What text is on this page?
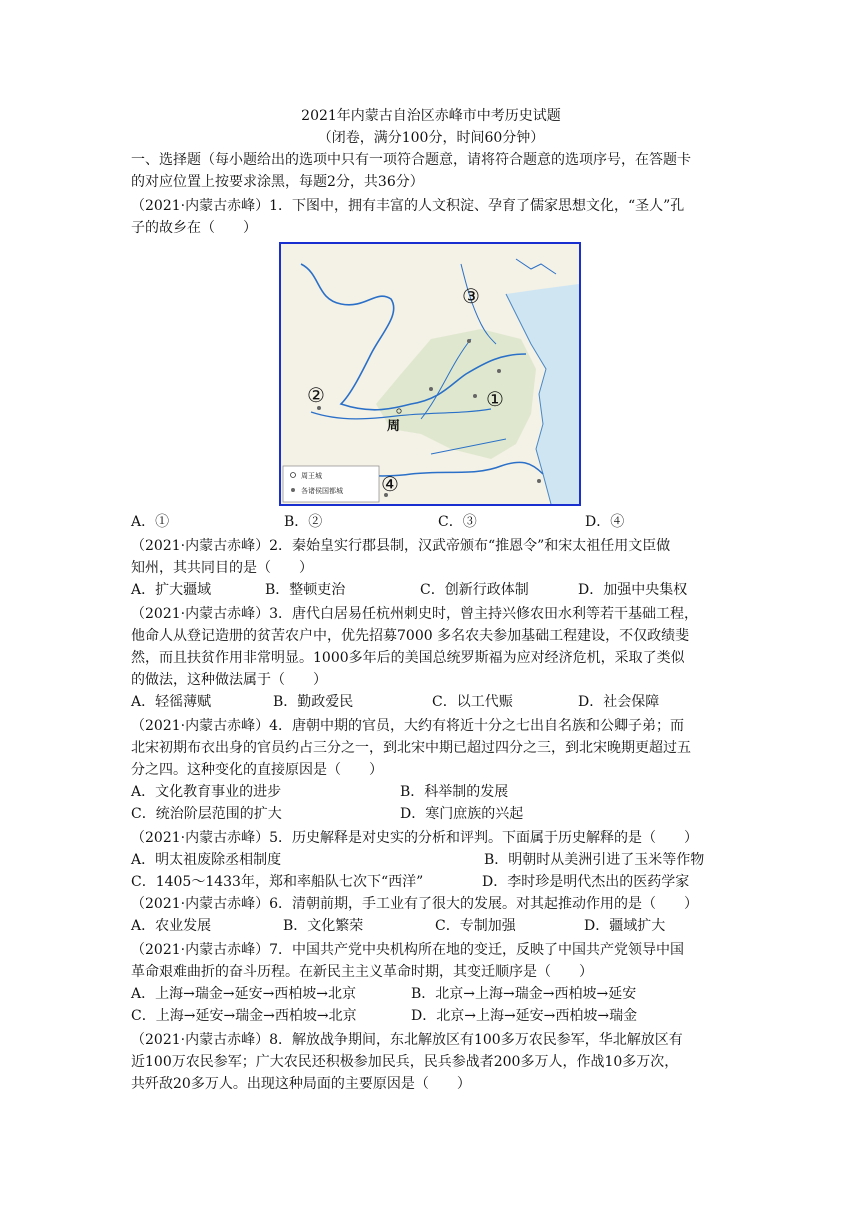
2021年内蒙古自治区赤峰市中考历史试题
（闭卷，满分100分，时间60分钟）
一、选择题（每小题给出的选项中只有一项符合题意，请将符合题意的选项序号，在答题卡
的对应位置上按要求涂黑，每题2分，共36分）
（2021·内蒙古赤峰）1．下图中，拥有丰富的人文积淀、孕育了儒家思想文化，“圣人”孔
子的故乡在（　　）
①
②
③
④
周
周王城
各诸侯国都城
A．①	B．②	C．③	D．④
（2021·内蒙古赤峰）2．秦始皇实行郡县制，汉武帝颁布“推恩令”和宋太祖任用文臣做
知州，其共同目的是（　　）
A．扩大疆域	B．整顿吏治	C．创新行政体制	D．加强中央集权
（2021·内蒙古赤峰）3．唐代白居易任杭州刺史时，曾主持兴修农田水利等若干基础工程，
他命人从登记造册的贫苦农户中，优先招募7000 多名农夫参加基础工程建设，不仅政绩斐
然，而且扶贫作用非常明显。1000多年后的美国总统罗斯福为应对经济危机，采取了类似
的做法，这种做法属于（　　）
A．轻徭薄赋	B．勤政爱民	C．以工代赈	D．社会保障
（2021·内蒙古赤峰）4．唐朝中期的官员，大约有将近十分之七出自名族和公卿子弟；而
北宋初期布衣出身的官员约占三分之一，到北宋中期已超过四分之三，到北宋晚期更超过五
分之四。这种变化的直接原因是（　　）
A．文化教育事业的进步	B．科举制的发展
C．统治阶层范围的扩大	D．寒门庶族的兴起
（2021·内蒙古赤峰）5．历史解释是对史实的分析和评判。下面属于历史解释的是（　　）
A．明太祖废除丞相制度	B．明朝时从美洲引进了玉米等作物
C．1405～1433年，郑和率船队七次下“西洋”	D．李时珍是明代杰出的医药学家
（2021·内蒙古赤峰）6．清朝前期，手工业有了很大的发展。对其起推动作用的是（　　）
A．农业发展	B．文化繁荣	C．专制加强	D．疆域扩大
（2021·内蒙古赤峰）7．中国共产党中央机构所在地的变迁，反映了中国共产党领导中国
革命艰难曲折的奋斗历程。在新民主主义革命时期，其变迁顺序是（　　）
A．上海→瑞金→延安→西柏坡→北京	B．北京→上海→瑞金→西柏坡→延安
C．上海→延安→瑞金→西柏坡→北京	D．北京→上海→延安→西柏坡→瑞金
（2021·内蒙古赤峰）8．解放战争期间，东北解放区有100多万农民参军，华北解放区有
近100万农民参军；广大农民还积极参加民兵，民兵参战者200多万人，作战10多万次，
共歼敌20多万人。出现这种局面的主要原因是（　　）
